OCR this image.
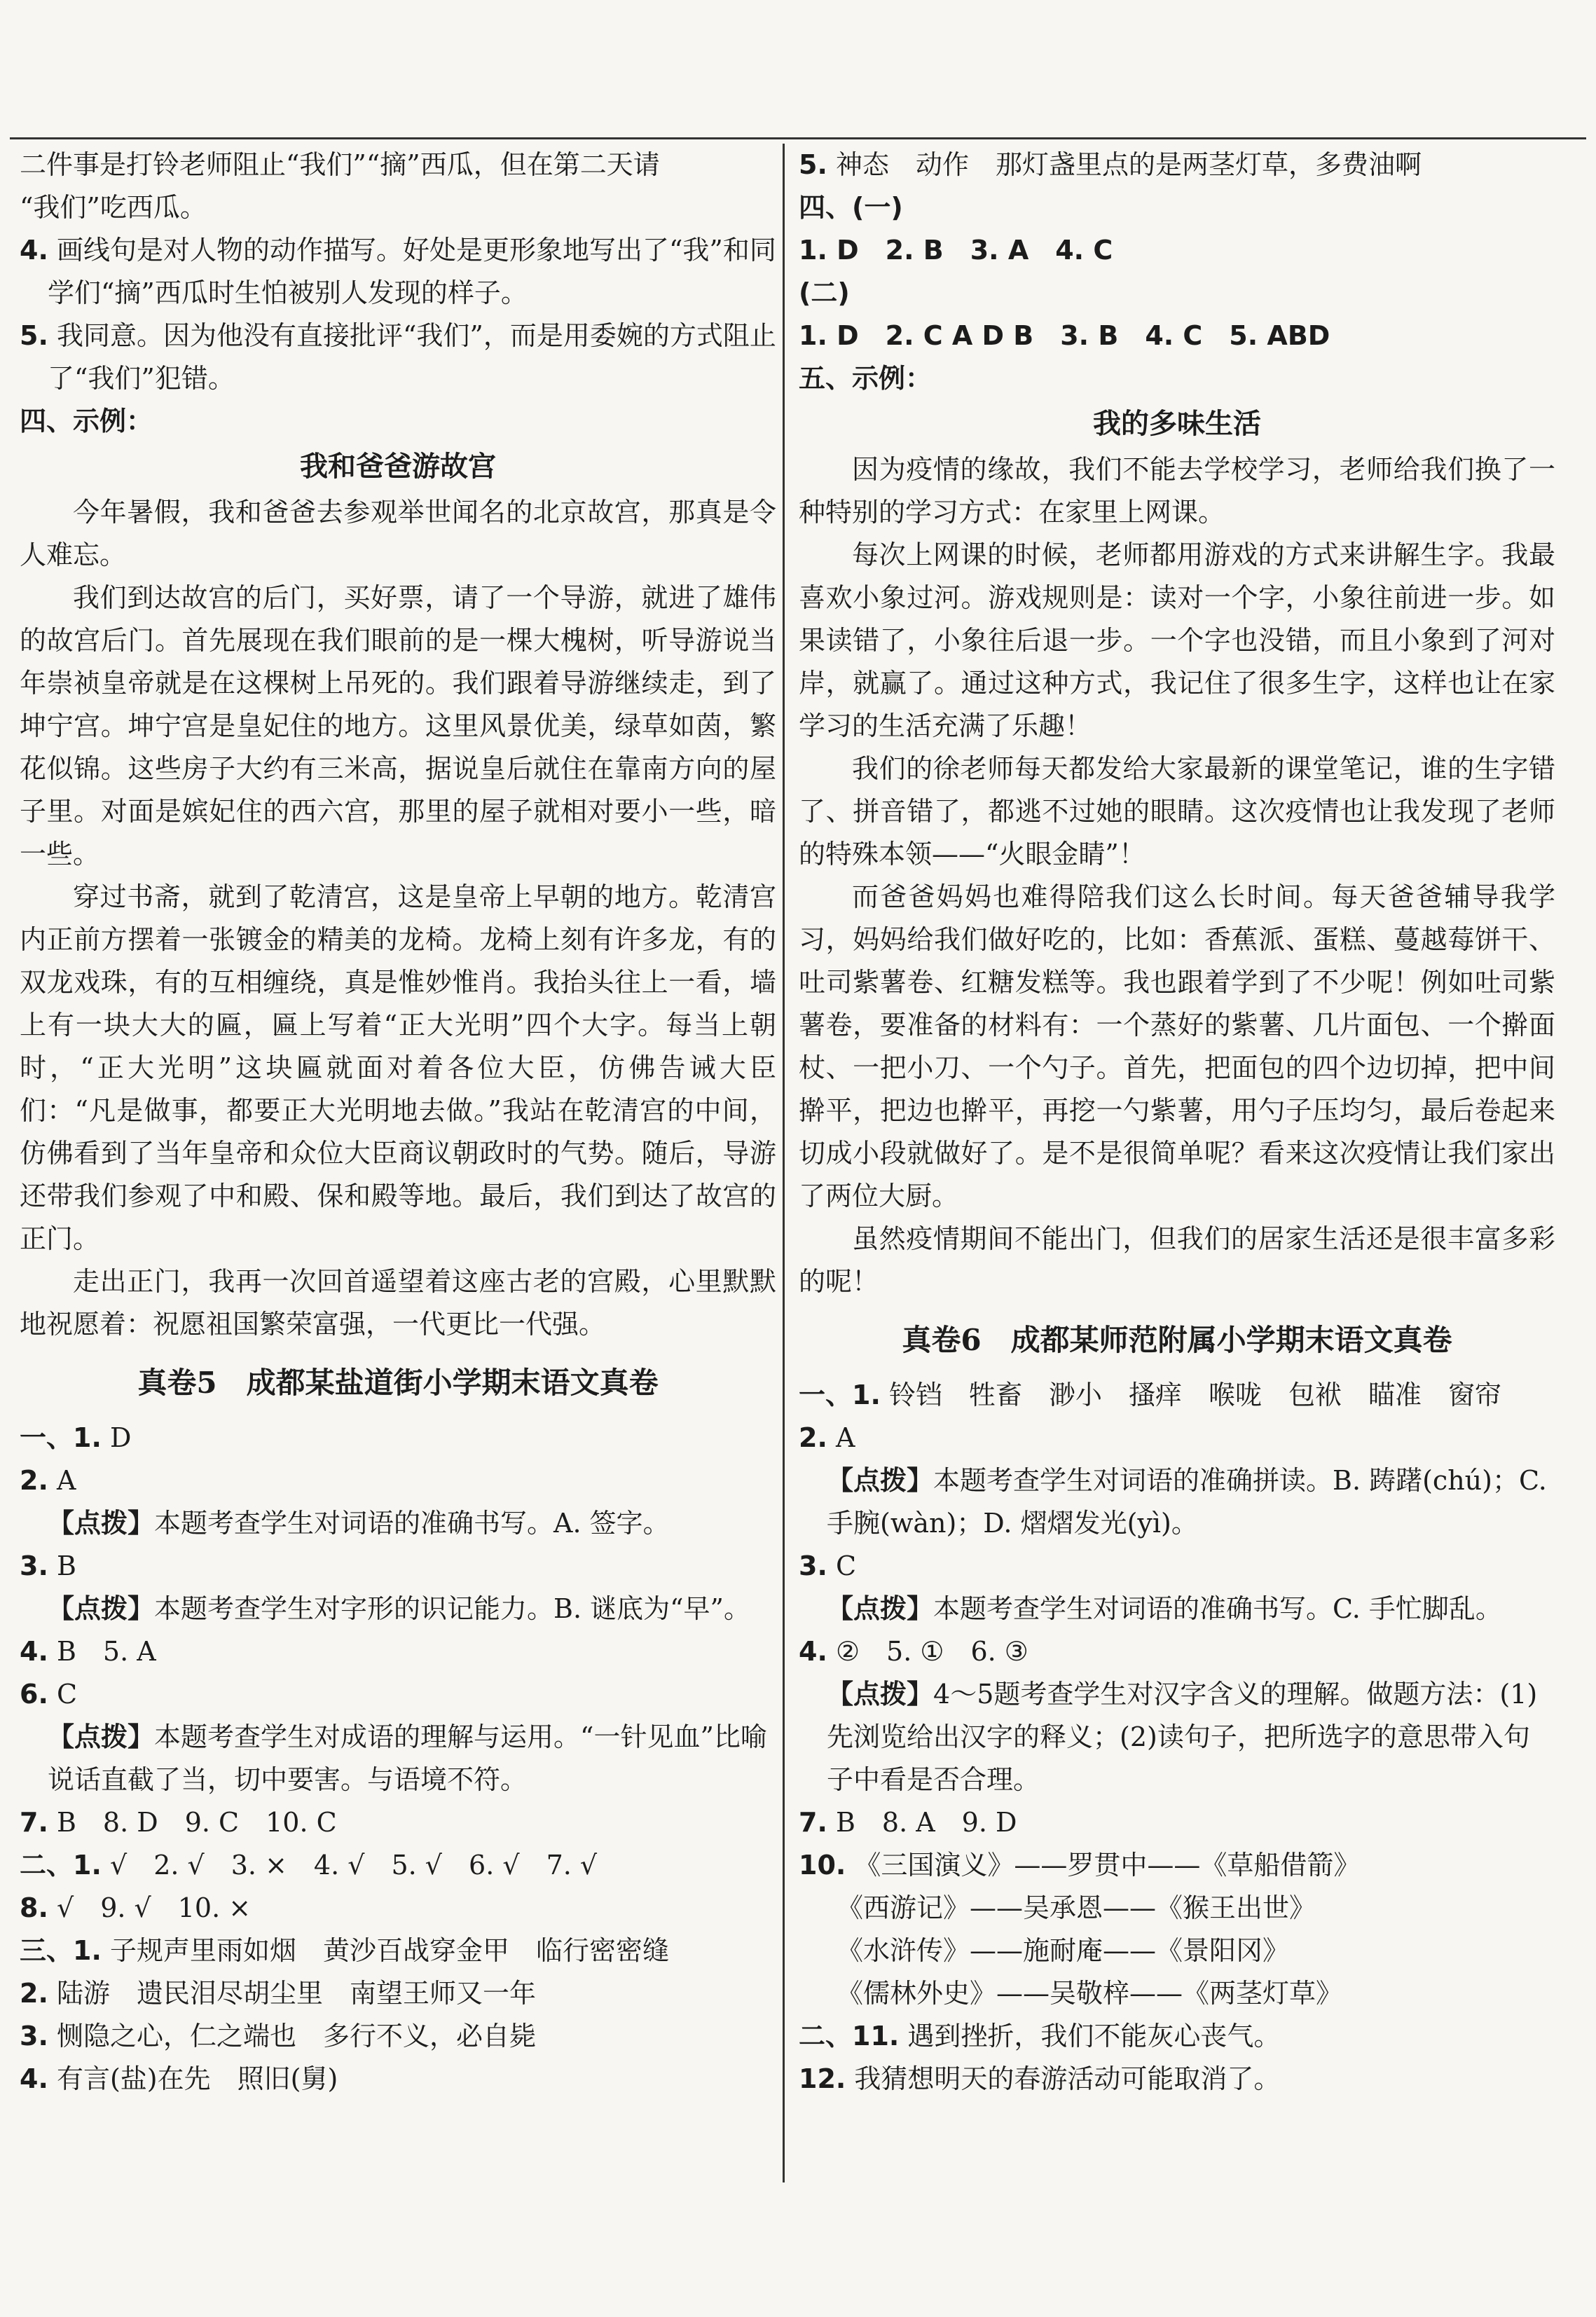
二件事是打铃老师阻止“我们”“摘”西瓜，但在第二天请
“我们”吃西瓜。
4. 画线句是对人物的动作描写。好处是更形象地写出了“我”和同学们“摘”西瓜时生怕被别人发现的样子。
5. 我同意。因为他没有直接批评“我们”，而是用委婉的方式阻止了“我们”犯错。
四、示例：
我和爸爸游故宫
今年暑假，我和爸爸去参观举世闻名的北京故宫，那真是令人难忘。
我们到达故宫的后门，买好票，请了一个导游，就进了雄伟的故宫后门。首先展现在我们眼前的是一棵大槐树，听导游说当年崇祯皇帝就是在这棵树上吊死的。我们跟着导游继续走，到了坤宁宫。坤宁宫是皇妃住的地方。这里风景优美，绿草如茵，繁花似锦。这些房子大约有三米高，据说皇后就住在靠南方向的屋子里。对面是嫔妃住的西六宫，那里的屋子就相对要小一些，暗一些。
穿过书斋，就到了乾清宫，这是皇帝上早朝的地方。乾清宫内正前方摆着一张镀金的精美的龙椅。龙椅上刻有许多龙，有的双龙戏珠，有的互相缠绕，真是惟妙惟肖。我抬头往上一看，墙上有一块大大的匾，匾上写着“正大光明”四个大字。每当上朝时，“正大光明”这块匾就面对着各位大臣，仿佛告诫大臣们：“凡是做事，都要正大光明地去做。”我站在乾清宫的中间，仿佛看到了当年皇帝和众位大臣商议朝政时的气势。随后，导游还带我们参观了中和殿、保和殿等地。最后，我们到达了故宫的正门。
走出正门，我再一次回首遥望着这座古老的宫殿，心里默默地祝愿着：祝愿祖国繁荣富强，一代更比一代强。
真卷5　成都某盐道街小学期末语文真卷
一、1. D
2. A
【点拨】本题考查学生对词语的准确书写。A. 签字。
3. B
【点拨】本题考查学生对字形的识记能力。B. 谜底为“早”。
4. B　5. A
6. C
【点拨】本题考查学生对成语的理解与运用。“一针见血”比喻说话直截了当，切中要害。与语境不符。
7. B　8. D　9. C　10. C
二、1. √　2. √　3. ×　4. √　5. √　6. √　7. √
8. √　9. √　10. ×
三、1. 子规声里雨如烟　黄沙百战穿金甲　临行密密缝
2. 陆游　遗民泪尽胡尘里　南望王师又一年
3. 恻隐之心，仁之端也　多行不义，必自毙
4. 有言(盐)在先　照旧(舅)
5. 神态　动作　那灯盏里点的是两茎灯草，多费油啊
四、(一)
1. D　2. B　3. A　4. C
(二)
1. D　2. C A D B　3. B　4. C　5. ABD
五、示例：
我的多味生活
因为疫情的缘故，我们不能去学校学习，老师给我们换了一种特别的学习方式：在家里上网课。
每次上网课的时候，老师都用游戏的方式来讲解生字。我最喜欢小象过河。游戏规则是：读对一个字，小象往前进一步。如果读错了，小象往后退一步。一个字也没错，而且小象到了河对岸，就赢了。通过这种方式，我记住了很多生字，这样也让在家学习的生活充满了乐趣！
我们的徐老师每天都发给大家最新的课堂笔记，谁的生字错了、拼音错了，都逃不过她的眼睛。这次疫情也让我发现了老师的特殊本领——“火眼金睛”！
而爸爸妈妈也难得陪我们这么长时间。每天爸爸辅导我学习，妈妈给我们做好吃的，比如：香蕉派、蛋糕、蔓越莓饼干、吐司紫薯卷、红糖发糕等。我也跟着学到了不少呢！例如吐司紫薯卷，要准备的材料有：一个蒸好的紫薯、几片面包、一个擀面杖、一把小刀、一个勺子。首先，把面包的四个边切掉，把中间擀平，把边也擀平，再挖一勺紫薯，用勺子压均匀，最后卷起来切成小段就做好了。是不是很简单呢？看来这次疫情让我们家出了两位大厨。
虽然疫情期间不能出门，但我们的居家生活还是很丰富多彩的呢！
真卷6　成都某师范附属小学期末语文真卷
一、1. 铃铛　牲畜　渺小　搔痒　喉咙　包袱　瞄准　窗帘
2. A
【点拨】本题考查学生对词语的准确拼读。B. 踌躇(chú)；C. 手腕(wàn)；D. 熠熠发光(yì)。
3. C
【点拨】本题考查学生对词语的准确书写。C. 手忙脚乱。
4. ②　5. ①　6. ③
【点拨】4～5题考查学生对汉字含义的理解。做题方法：(1)先浏览给出汉字的释义；(2)读句子，把所选字的意思带入句子中看是否合理。
7. B　8. A　9. D
10. 《三国演义》——罗贯中——《草船借箭》
《西游记》——吴承恩——《猴王出世》
《水浒传》——施耐庵——《景阳冈》
《儒林外史》——吴敬梓——《两茎灯草》
二、11. 遇到挫折，我们不能灰心丧气。
12. 我猜想明天的春游活动可能取消了。
